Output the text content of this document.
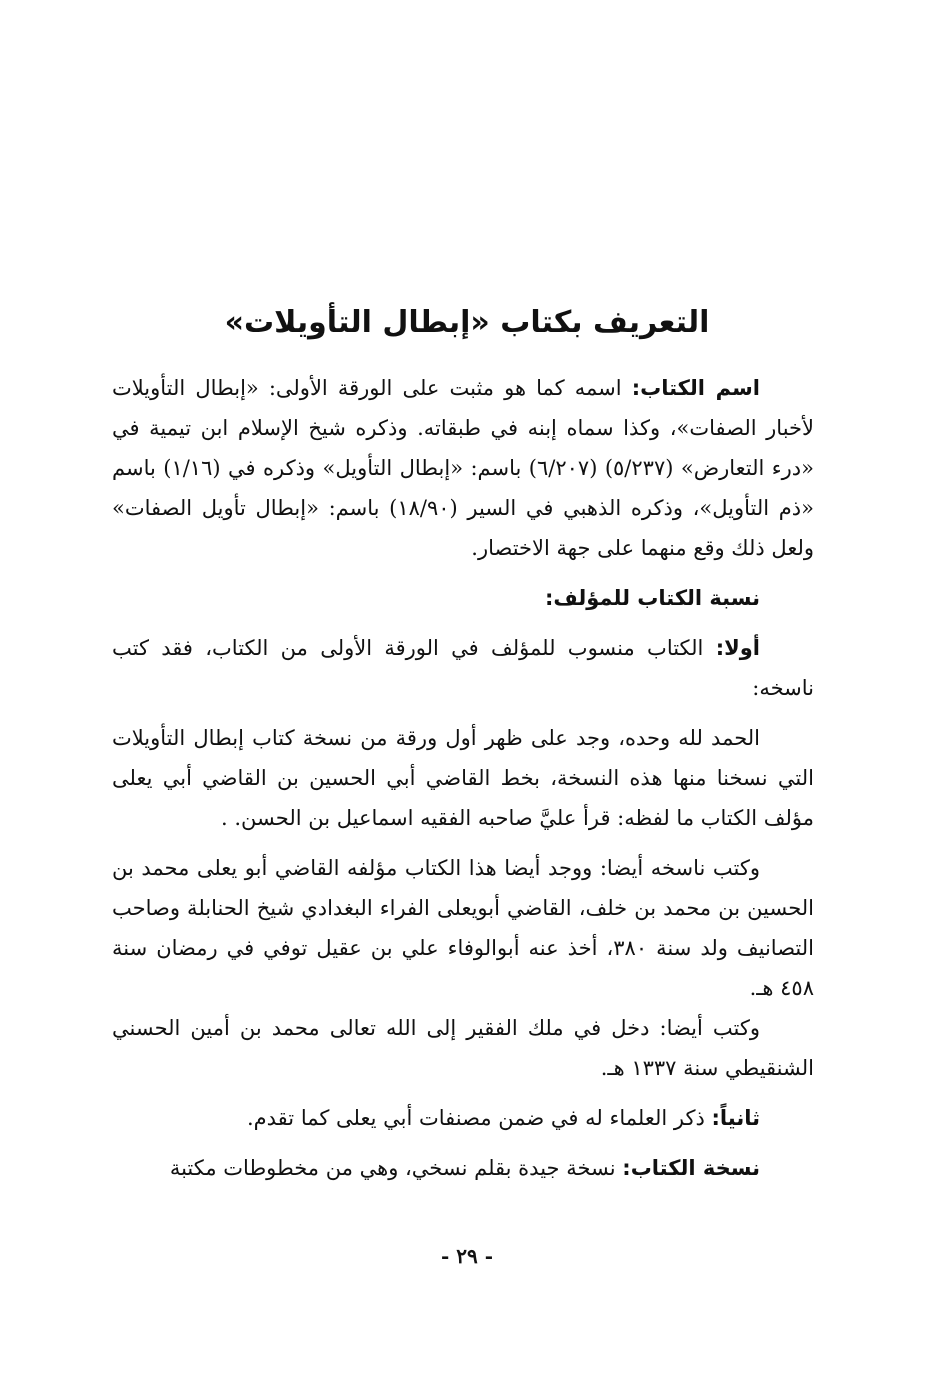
التعريف بكتاب «إبطال التأويلات»

اسم الكتاب: اسمه كما هو مثبت على الورقة الأولى: «إبطال التأويلات لأخبار الصفات»، وكذا سماه إبنه في طبقاته. وذكره شيخ الإسلام ابن تيمية في «درء التعارض» (٥/٢٣٧) (٦/٢٠٧) باسم: «إبطال التأويل» وذكره في (١/١٦) باسم «ذم التأويل»، وذكره الذهبي في السير (١٨/٩٠) باسم: «إبطال تأويل الصفات» ولعل ذلك وقع منهما على جهة الاختصار.

نسبة الكتاب للمؤلف:

أولا: الكتاب منسوب للمؤلف في الورقة الأولى من الكتاب، فقد كتب ناسخه:

الحمد لله وحده، وجد على ظهر أول ورقة من نسخة كتاب إبطال التأويلات التي نسخنا منها هذه النسخة، بخط القاضي أبي الحسين بن القاضي أبي يعلى مؤلف الكتاب ما لفظه: قرأ عليَّ صاحبه الفقيه اسماعيل بن الحسن. .

وكتب ناسخه أيضا: ووجد أيضا هذا الكتاب مؤلفه القاضي أبو يعلى محمد بن الحسين بن محمد بن خلف، القاضي أبويعلى الفراء البغدادي شيخ الحنابلة وصاحب التصانيف ولد سنة ٣٨٠، أخذ عنه أبوالوفاء علي بن عقيل توفي في رمضان سنة ٤٥٨ هـ.

وكتب أيضا: دخل في ملك الفقير إلى الله تعالى محمد بن أمين الحسني الشنقيطي سنة ١٣٣٧ هـ.

ثانياً: ذكر العلماء له في ضمن مصنفات أبي يعلى كما تقدم.

نسخة الكتاب: نسخة جيدة بقلم نسخي، وهي من مخطوطات مكتبة

- ٢٩ -
